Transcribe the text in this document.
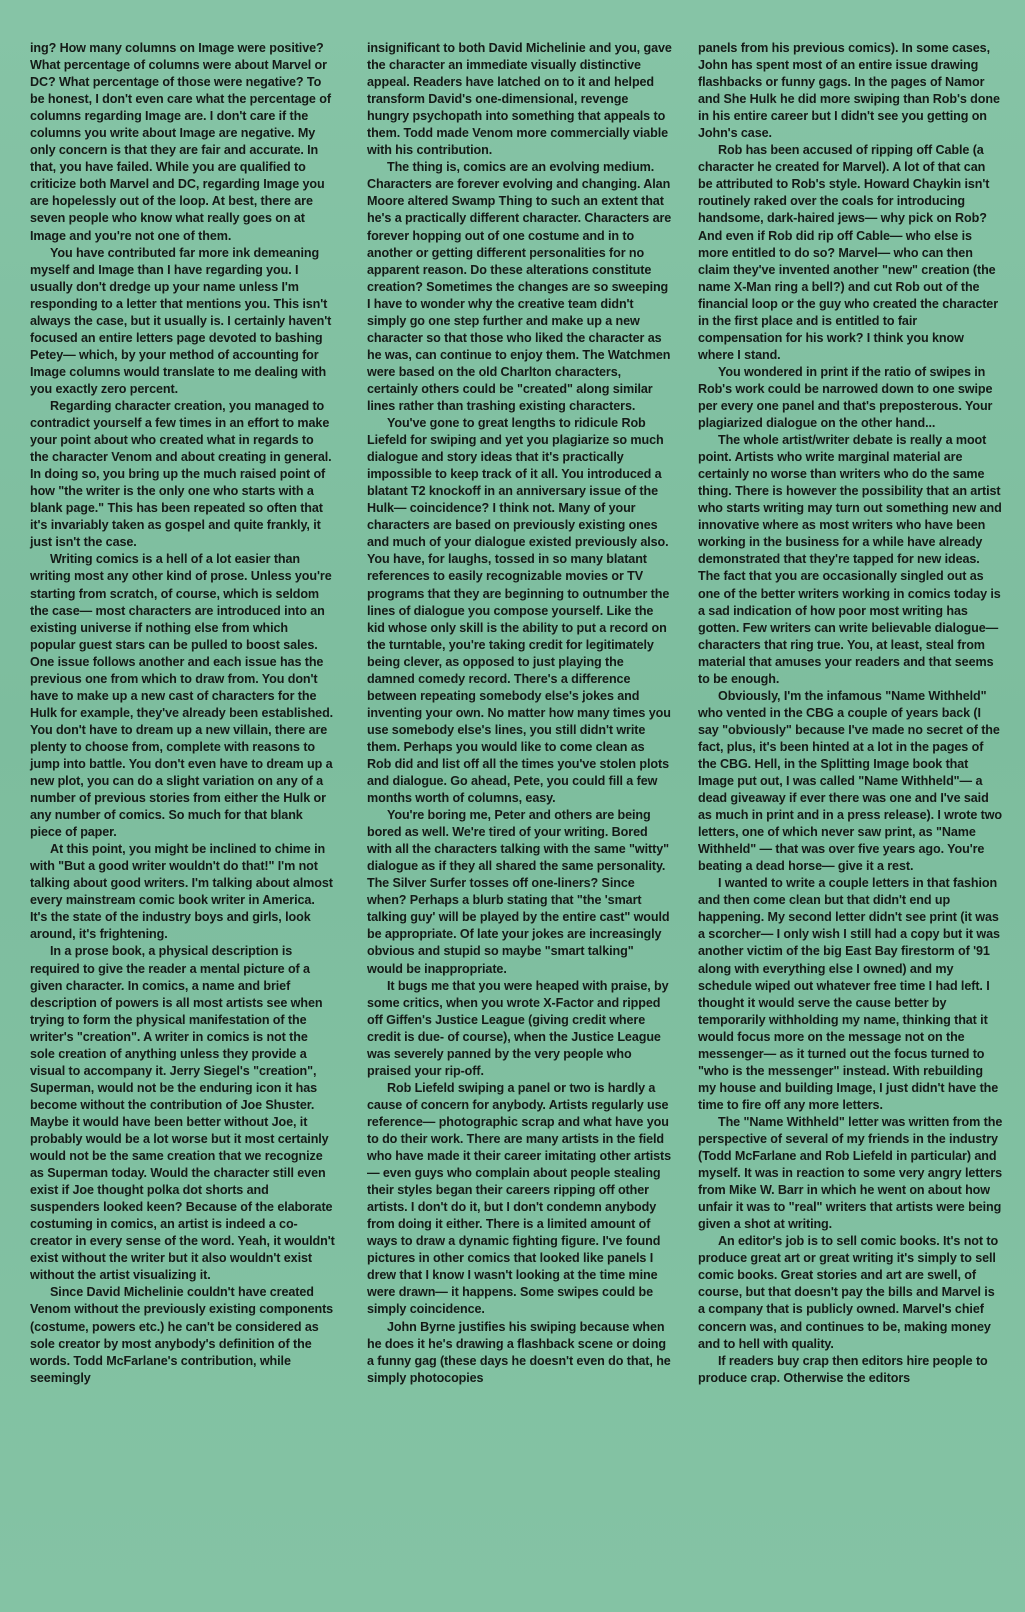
ing? How many columns on Image were positive? What percentage of columns were about Marvel or DC? What percentage of those were negative? To be honest, I don't even care what the percentage of columns regarding Image are. I don't care if the columns you write about Image are negative. My only concern is that they are fair and accurate. In that, you have failed. While you are qualified to criticize both Marvel and DC, regarding Image you are hopelessly out of the loop. At best, there are seven people who know what really goes on at Image and you're not one of them.

You have contributed far more ink demeaning myself and Image than I have regarding you. I usually don't dredge up your name unless I'm responding to a letter that mentions you. This isn't always the case, but it usually is. I certainly haven't focused an entire letters page devoted to bashing Petey— which, by your method of accounting for Image columns would translate to me dealing with you exactly zero percent.

Regarding character creation, you managed to contradict yourself a few times in an effort to make your point about who created what in regards to the character Venom and about creating in general. In doing so, you bring up the much raised point of how "the writer is the only one who starts with a blank page." This has been repeated so often that it's invariably taken as gospel and quite frankly, it just isn't the case.

Writing comics is a hell of a lot easier than writing most any other kind of prose. Unless you're starting from scratch, of course, which is seldom the case— most characters are introduced into an existing universe if nothing else from which popular guest stars can be pulled to boost sales. One issue follows another and each issue has the previous one from which to draw from. You don't have to make up a new cast of characters for the Hulk for example, they've already been established. You don't have to dream up a new villain, there are plenty to choose from, complete with reasons to jump into battle. You don't even have to dream up a new plot, you can do a slight variation on any of a number of previous stories from either the Hulk or any number of comics. So much for that blank piece of paper.

At this point, you might be inclined to chime in with "But a good writer wouldn't do that!" I'm not talking about good writers. I'm talking about almost every mainstream comic book writer in America. It's the state of the industry boys and girls, look around, it's frightening.

In a prose book, a physical description is required to give the reader a mental picture of a given character. In comics, a name and brief description of powers is all most artists see when trying to form the physical manifestation of the writer's "creation". A writer in comics is not the sole creation of anything unless they provide a visual to accompany it. Jerry Siegel's "creation", Superman, would not be the enduring icon it has become without the contribution of Joe Shuster. Maybe it would have been better without Joe, it probably would be a lot worse but it most certainly would not be the same creation that we recognize as Superman today. Would the character still even exist if Joe thought polka dot shorts and suspenders looked keen? Because of the elaborate costuming in comics, an artist is indeed a co-creator in every sense of the word. Yeah, it wouldn't exist without the writer but it also wouldn't exist without the artist visualizing it.

Since David Michelinie couldn't have created Venom without the previously existing components (costume, powers etc.) he can't be considered as sole creator by most anybody's definition of the words. Todd McFarlane's contribution, while seemingly

insignificant to both David Michelinie and you, gave the character an immediate visually distinctive appeal. Readers have latched on to it and helped transform David's one-dimensional, revenge hungry psychopath into something that appeals to them. Todd made Venom more commercially viable with his contribution.

The thing is, comics are an evolving medium. Characters are forever evolving and changing. Alan Moore altered Swamp Thing to such an extent that he's a practically different character. Characters are forever hopping out of one costume and in to another or getting different personalities for no apparent reason. Do these alterations constitute creation? Sometimes the changes are so sweeping I have to wonder why the creative team didn't simply go one step further and make up a new character so that those who liked the character as he was, can continue to enjoy them. The Watchmen were based on the old Charlton characters, certainly others could be "created" along similar lines rather than trashing existing characters.

You've gone to great lengths to ridicule Rob Liefeld for swiping and yet you plagiarize so much dialogue and story ideas that it's practically impossible to keep track of it all. You introduced a blatant T2 knockoff in an anniversary issue of the Hulk— coincidence? I think not. Many of your characters are based on previously existing ones and much of your dialogue existed previously also. You have, for laughs, tossed in so many blatant references to easily recognizable movies or TV programs that they are beginning to outnumber the lines of dialogue you compose yourself. Like the kid whose only skill is the ability to put a record on the turntable, you're taking credit for legitimately being clever, as opposed to just playing the damned comedy record. There's a difference between repeating somebody else's jokes and inventing your own. No matter how many times you use somebody else's lines, you still didn't write them. Perhaps you would like to come clean as Rob did and list off all the times you've stolen plots and dialogue. Go ahead, Pete, you could fill a few months worth of columns, easy.

You're boring me, Peter and others are being bored as well. We're tired of your writing. Bored with all the characters talking with the same "witty" dialogue as if they all shared the same personality. The Silver Surfer tosses off one-liners? Since when? Perhaps a blurb stating that "the 'smart talking guy' will be played by the entire cast" would be appropriate. Of late your jokes are increasingly obvious and stupid so maybe "smart talking" would be inappropriate.

It bugs me that you were heaped with praise, by some critics, when you wrote X-Factor and ripped off Giffen's Justice League (giving credit where credit is due- of course), when the Justice League was severely panned by the very people who praised your rip-off.

Rob Liefeld swiping a panel or two is hardly a cause of concern for anybody. Artists regularly use reference— photographic scrap and what have you to do their work. There are many artists in the field who have made it their career imitating other artists— even guys who complain about people stealing their styles began their careers ripping off other artists. I don't do it, but I don't condemn anybody from doing it either. There is a limited amount of ways to draw a dynamic fighting figure. I've found pictures in other comics that looked like panels I drew that I know I wasn't looking at the time mine were drawn— it happens. Some swipes could be simply coincidence.

John Byrne justifies his swiping because when he does it he's drawing a flashback scene or doing a funny gag (these days he doesn't even do that, he simply photocopies

panels from his previous comics). In some cases, John has spent most of an entire issue drawing flashbacks or funny gags. In the pages of Namor and She Hulk he did more swiping than Rob's done in his entire career but I didn't see you getting on John's case.

Rob has been accused of ripping off Cable (a character he created for Marvel). A lot of that can be attributed to Rob's style. Howard Chaykin isn't routinely raked over the coals for introducing handsome, dark-haired jews— why pick on Rob? And even if Rob did rip off Cable— who else is more entitled to do so? Marvel— who can then claim they've invented another "new" creation (the name X-Man ring a bell?) and cut Rob out of the financial loop or the guy who created the character in the first place and is entitled to fair compensation for his work? I think you know where I stand.

You wondered in print if the ratio of swipes in Rob's work could be narrowed down to one swipe per every one panel and that's preposterous. Your plagiarized dialogue on the other hand...

The whole artist/writer debate is really a moot point. Artists who write marginal material are certainly no worse than writers who do the same thing. There is however the possibility that an artist who starts writing may turn out something new and innovative where as most writers who have been working in the business for a while have already demonstrated that they're tapped for new ideas. The fact that you are occasionally singled out as one of the better writers working in comics today is a sad indication of how poor most writing has gotten. Few writers can write believable dialogue— characters that ring true. You, at least, steal from material that amuses your readers and that seems to be enough.

Obviously, I'm the infamous "Name Withheld" who vented in the CBG a couple of years back (I say "obviously" because I've made no secret of the fact, plus, it's been hinted at a lot in the pages of the CBG. Hell, in the Splitting Image book that Image put out, I was called "Name Withheld"— a dead giveaway if ever there was one and I've said as much in print and in a press release). I wrote two letters, one of which never saw print, as "Name Withheld" — that was over five years ago. You're beating a dead horse— give it a rest.

I wanted to write a couple letters in that fashion and then come clean but that didn't end up happening. My second letter didn't see print (it was a scorcher— I only wish I still had a copy but it was another victim of the big East Bay firestorm of '91 along with everything else I owned) and my schedule wiped out whatever free time I had left. I thought it would serve the cause better by temporarily withholding my name, thinking that it would focus more on the message not on the messenger— as it turned out the focus turned to "who is the messenger" instead. With rebuilding my house and building Image, I just didn't have the time to fire off any more letters.

The "Name Withheld" letter was written from the perspective of several of my friends in the industry (Todd McFarlane and Rob Liefeld in particular) and myself. It was in reaction to some very angry letters from Mike W. Barr in which he went on about how unfair it was to "real" writers that artists were being given a shot at writing.

An editor's job is to sell comic books. It's not to produce great art or great writing it's simply to sell comic books. Great stories and art are swell, of course, but that doesn't pay the bills and Marvel is a company that is publicly owned. Marvel's chief concern was, and continues to be, making money and to hell with quality.

If readers buy crap then editors hire people to produce crap. Otherwise the editors
